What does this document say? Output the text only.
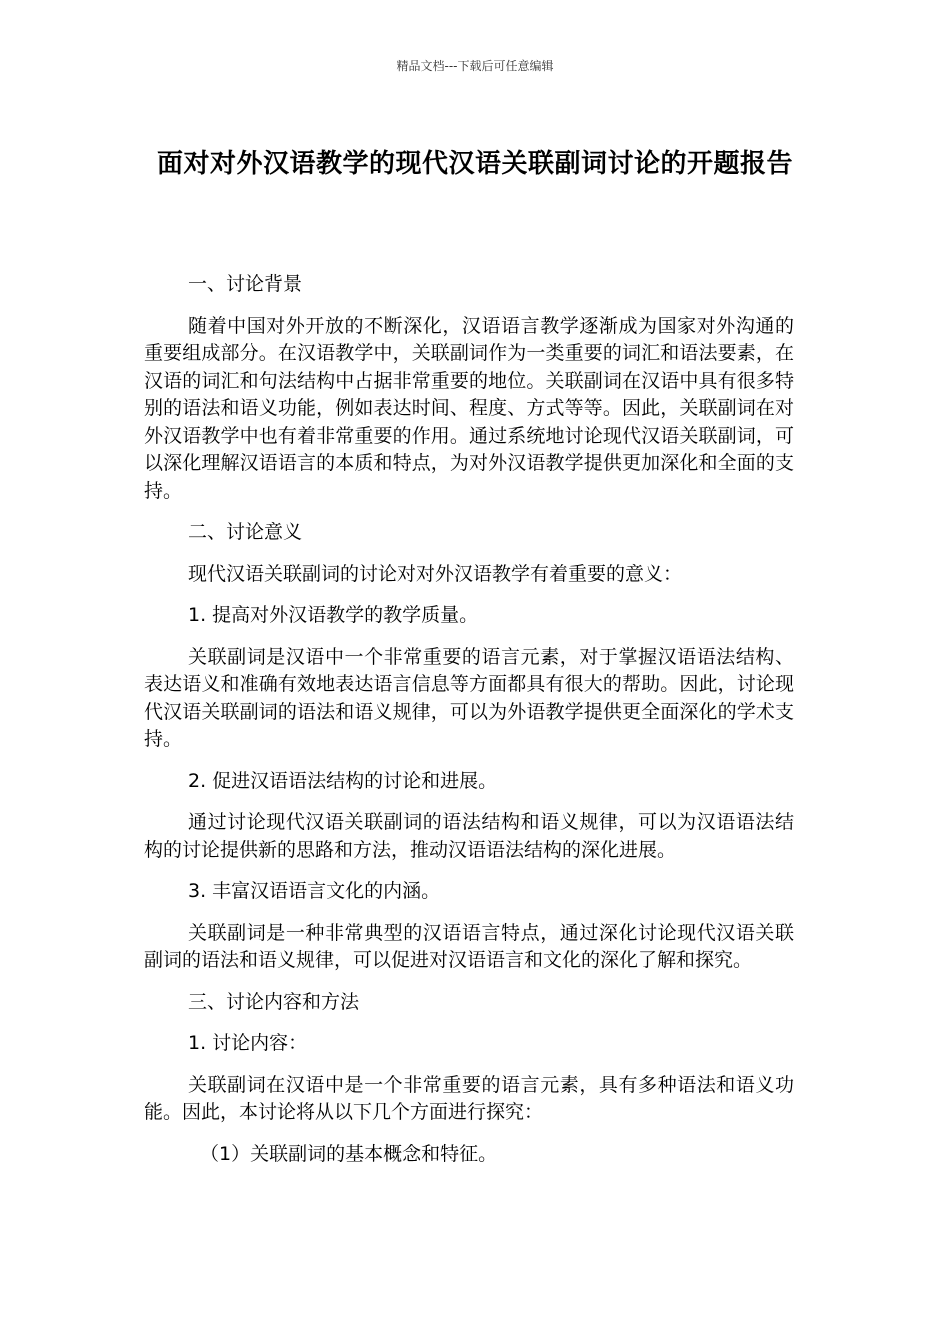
精品文档---下载后可任意编辑
面对对外汉语教学的现代汉语关联副词讨论的开题报告

一、讨论背景

随着中国对外开放的不断深化，汉语语言教学逐渐成为国家对外沟通的重要组成部分。在汉语教学中，关联副词作为一类重要的词汇和语法要素，在汉语的词汇和句法结构中占据非常重要的地位。关联副词在汉语中具有很多特别的语法和语义功能，例如表达时间、程度、方式等等。因此，关联副词在对外汉语教学中也有着非常重要的作用。通过系统地讨论现代汉语关联副词，可以深化理解汉语语言的本质和特点，为对外汉语教学提供更加深化和全面的支持。

二、讨论意义

现代汉语关联副词的讨论对对外汉语教学有着重要的意义：

1. 提高对外汉语教学的教学质量。

关联副词是汉语中一个非常重要的语言元素，对于掌握汉语语法结构、表达语义和准确有效地表达语言信息等方面都具有很大的帮助。因此，讨论现代汉语关联副词的语法和语义规律，可以为外语教学提供更全面深化的学术支持。

2. 促进汉语语法结构的讨论和进展。

通过讨论现代汉语关联副词的语法结构和语义规律，可以为汉语语法结构的讨论提供新的思路和方法，推动汉语语法结构的深化进展。

3. 丰富汉语语言文化的内涵。

关联副词是一种非常典型的汉语语言特点，通过深化讨论现代汉语关联副词的语法和语义规律，可以促进对汉语语言和文化的深化了解和探究。

三、讨论内容和方法

1. 讨论内容：

关联副词在汉语中是一个非常重要的语言元素，具有多种语法和语义功能。因此，本讨论将从以下几个方面进行探究：

（1）关联副词的基本概念和特征。
